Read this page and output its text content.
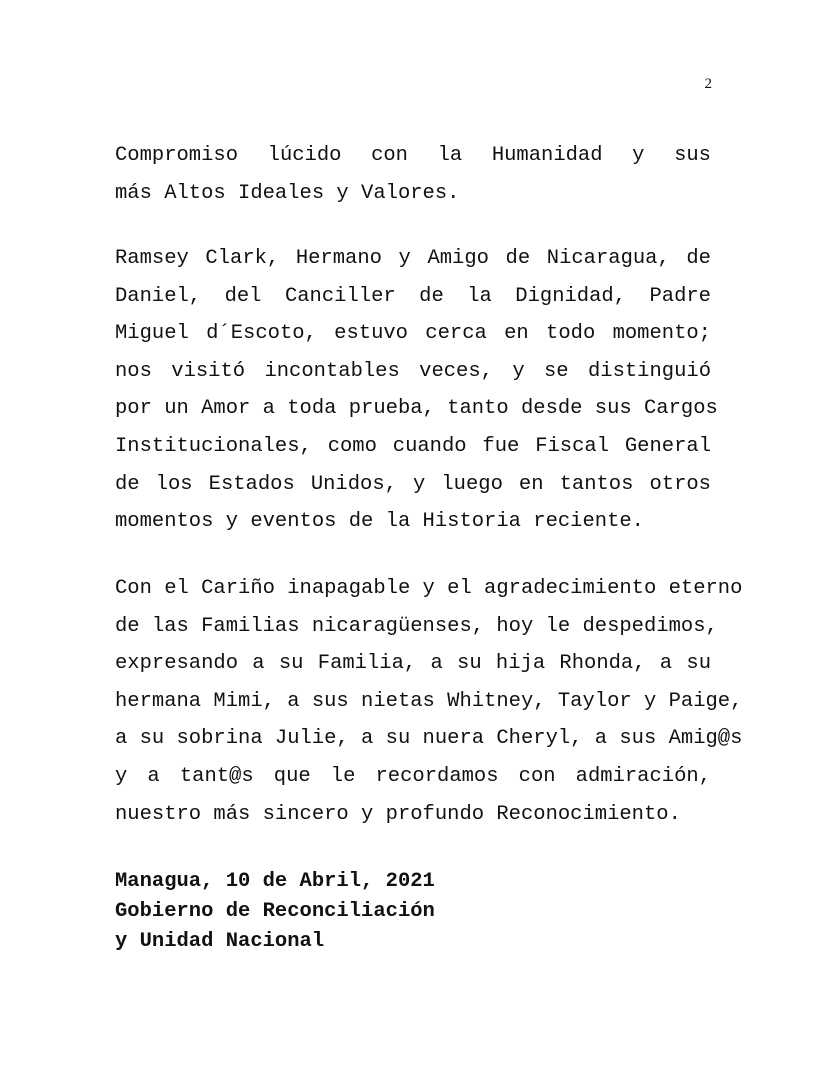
2
Compromiso lúcido con la Humanidad y sus
más Altos Ideales y Valores.
Ramsey Clark, Hermano y Amigo de Nicaragua, de
Daniel, del Canciller de la Dignidad, Padre
Miguel d´Escoto, estuvo cerca en todo momento;
nos visitó incontables veces, y se distinguió
por un Amor a toda prueba, tanto desde sus Cargos
Institucionales, como cuando fue Fiscal General
de los Estados Unidos, y luego en tantos otros
momentos y eventos de la Historia reciente.
Con el Cariño inapagable y el agradecimiento eterno
de las Familias nicaragüenses, hoy le despedimos,
expresando a su Familia, a su hija Rhonda, a su
hermana Mimi, a sus nietas Whitney, Taylor y Paige,
a su sobrina Julie, a su nuera Cheryl, a sus Amig@s
y a tant@s que le recordamos con admiración,
nuestro más sincero y profundo Reconocimiento.
Managua, 10 de Abril, 2021
Gobierno de Reconciliación
y Unidad Nacional
